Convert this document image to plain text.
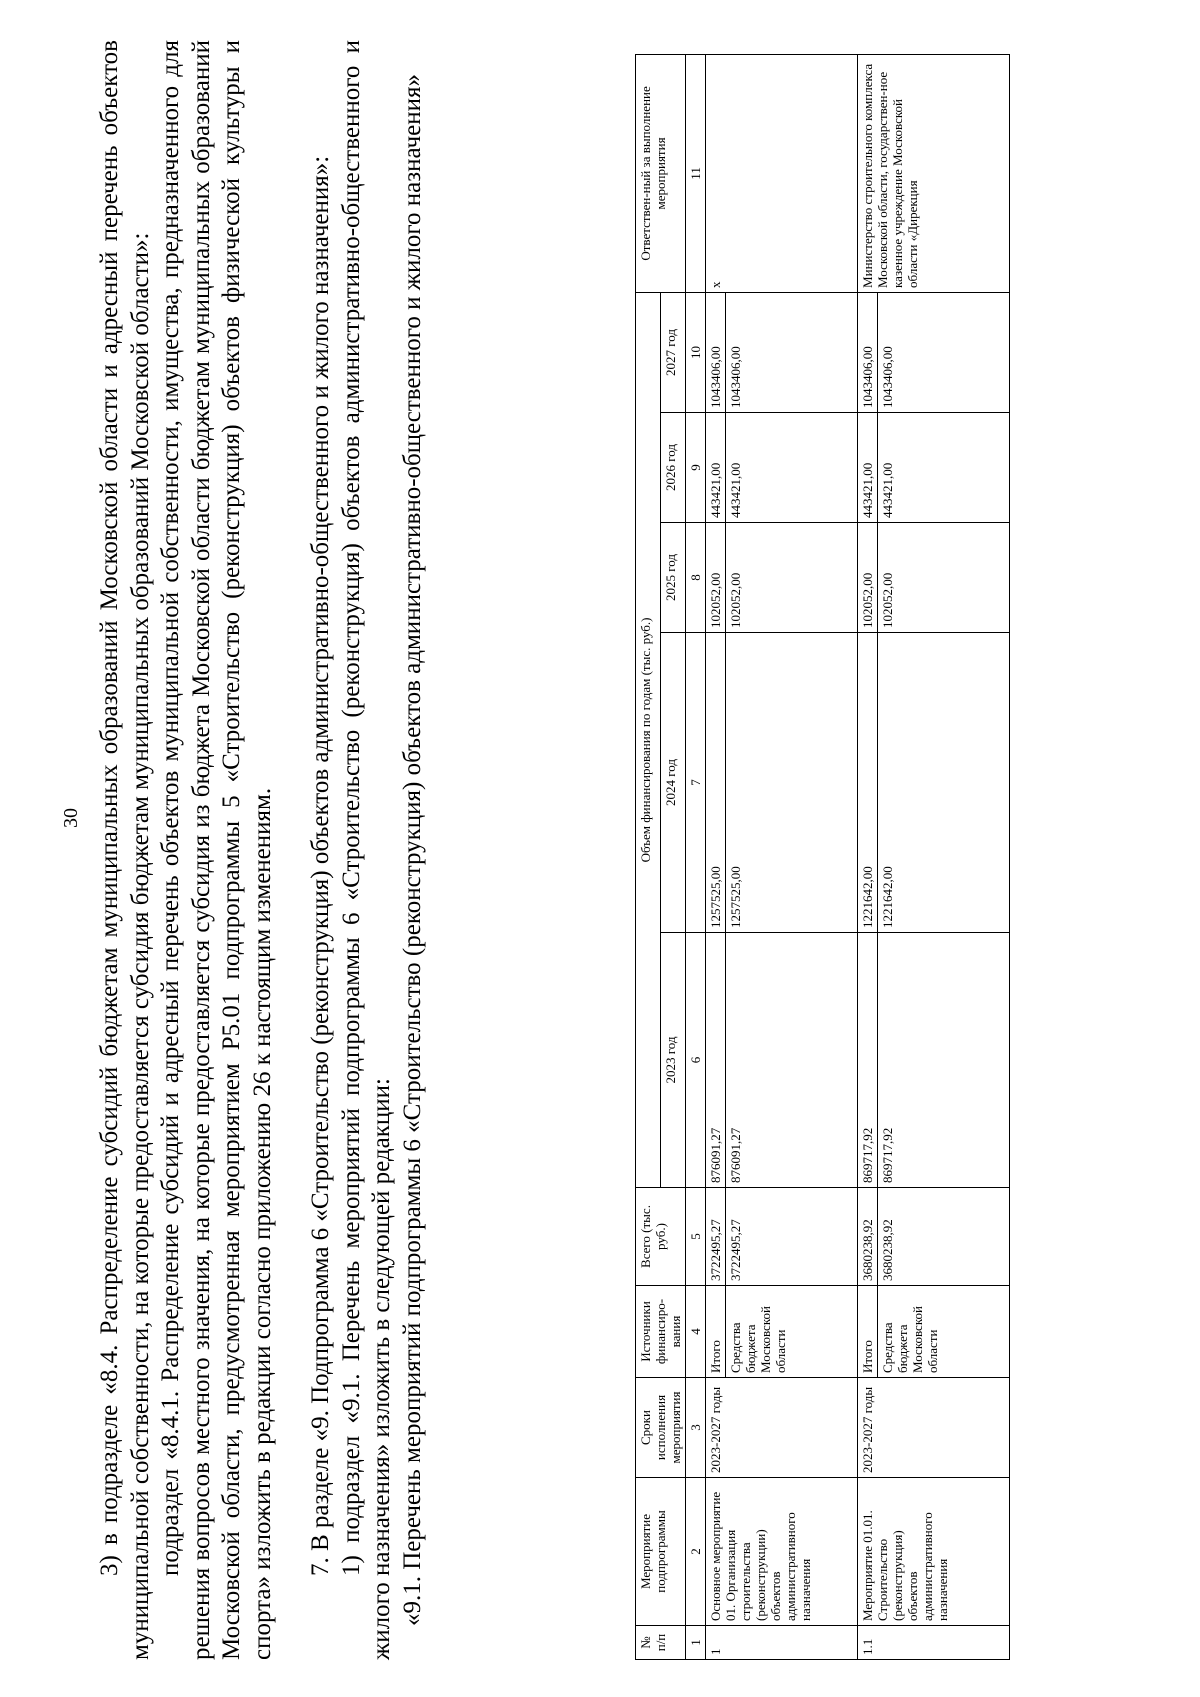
30 3) в подразделе «8.4. Распределение субсидий бюджетам муниципальных образований Московской области и адресный перечень объектов муниципальной собственности, на которые предоставляется субсидия бюджетам муниципальных образований Московской области»: подраздел «8.4.1. Распределение субсидий и адресный перечень объектов муниципальной собственности, имущества, предназначенного для решения вопросов местного значения, на которые предоставляется субсидия из бюджета Московской области бюджетам муниципальных образований Московской области, предусмотренная мероприятием Р5.01 подпрограммы 5 «Строительство (реконструкция) объектов физической культуры и спорта» изложить в редакции согласно приложению 26 к настоящим изменениям. 7. В разделе «9. Подпрограмма 6 «Строительство (реконструкция) объектов административно-общественного и жилого назначения»: 1) подраздел «9.1. Перечень мероприятий подпрограммы 6 «Строительство (реконструкция) объектов административно-общественного и жилого назначения» изложить в следующей редакции: «9.1. Перечень мероприятий подпрограммы 6 «Строительство (реконструкция) объектов административно-общественного и жилого назначения»

№ п/п	Мероприятие подпрограммы	Сроки исполнения мероприятия	Источники финансиро-вания	Всего (тыс. руб.)	Объем финансирования по годам (тыс. руб.)					Ответствен-ный за выполнение мероприятия
					2023 год	2024 год	2025 год	2026 год	2027 год	
1	2	3	4	5	6	7	8	9	10	11
1	Основное мероприятие 01. Организация строительства (реконструкции) объектов административного назначения	2023-2027 годы	Итого	3722495,27	876091,27	1257525,00	102052,00	443421,00	1043406,00	х
			Средства бюджета Московской области	3722495,27	876091,27	1257525,00	102052,00	443421,00	1043406,00	
1.1	Мероприятие 01.01. Строительство (реконструкция) объектов административного назначения	2023-2027 годы	Итого	3680238,92	869717,92	1221642,00	102052,00	443421,00	1043406,00	Министерство строительного комплекса Московской области, государствен-ное казенное учреждение Московской области «Дирекция
			Средства бюджета Московской области	3680238,92	869717,92	1221642,00	102052,00	443421,00	1043406,00	
